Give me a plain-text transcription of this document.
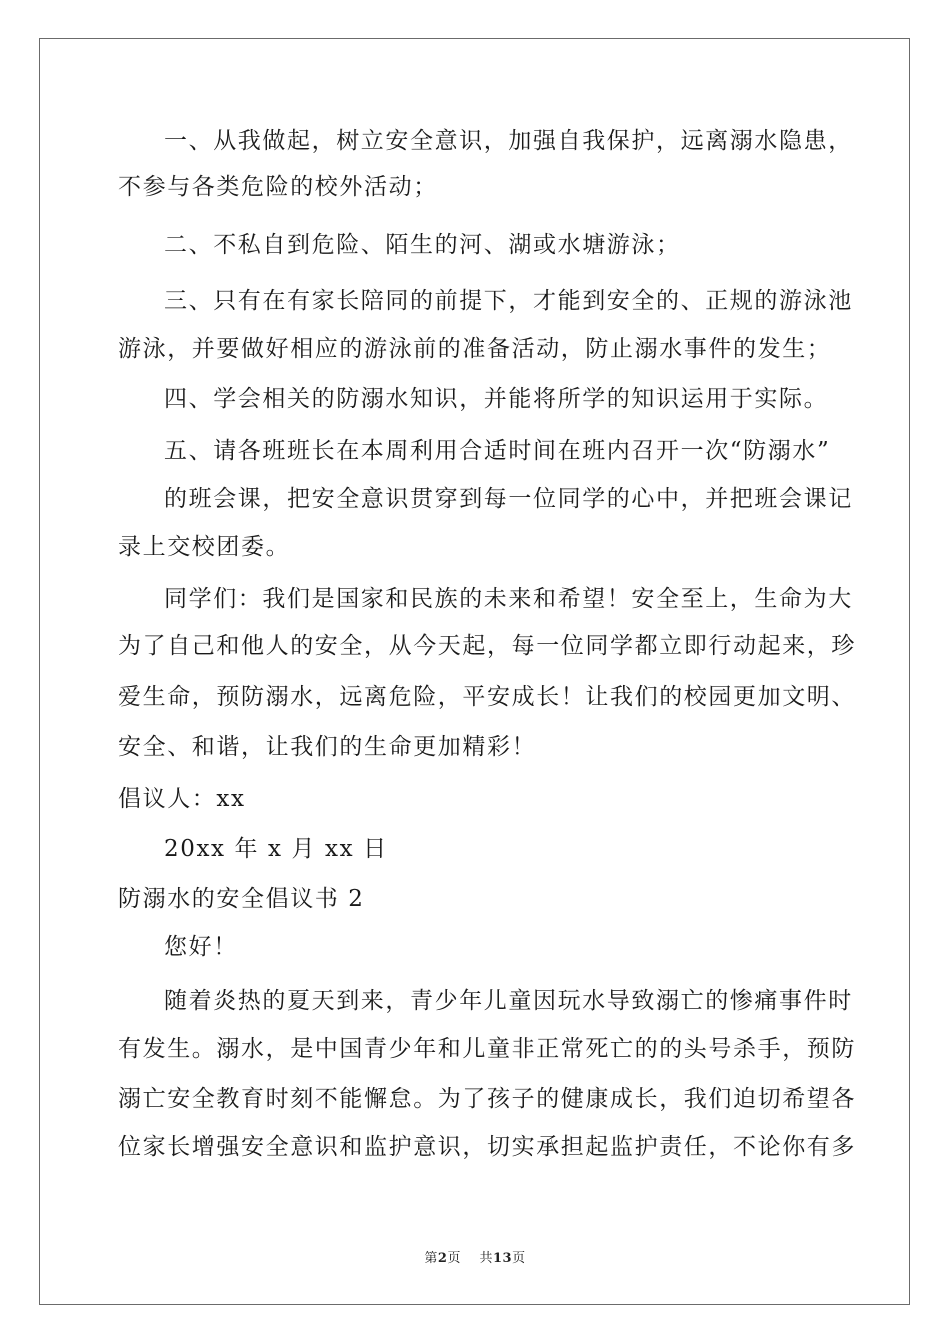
一、从我做起，树立安全意识，加强自我保护，远离溺水隐患，
不参与各类危险的校外活动；
二、不私自到危险、陌生的河、湖或水塘游泳；
三、只有在有家长陪同的前提下，才能到安全的、正规的游泳池
游泳，并要做好相应的游泳前的准备活动，防止溺水事件的发生；
四、学会相关的防溺水知识，并能将所学的知识运用于实际。
五、请各班班长在本周利用合适时间在班内召开一次“防溺水”
的班会课，把安全意识贯穿到每一位同学的心中，并把班会课记
录上交校团委。
同学们：我们是国家和民族的未来和希望！安全至上，生命为大
为了自己和他人的安全，从今天起，每一位同学都立即行动起来，珍
爱生命，预防溺水，远离危险，平安成长！让我们的校园更加文明、
安全、和谐，让我们的生命更加精彩！
倡议人：xx
20xx 年 x 月 xx 日
防溺水的安全倡议书 2
您好！
随着炎热的夏天到来，青少年儿童因玩水导致溺亡的惨痛事件时
有发生。溺水，是中国青少年和儿童非正常死亡的的头号杀手，预防
溺亡安全教育时刻不能懈怠。为了孩子的健康成长，我们迫切希望各
位家长增强安全意识和监护意识，切实承担起监护责任，不论你有多
第2页 共13页
